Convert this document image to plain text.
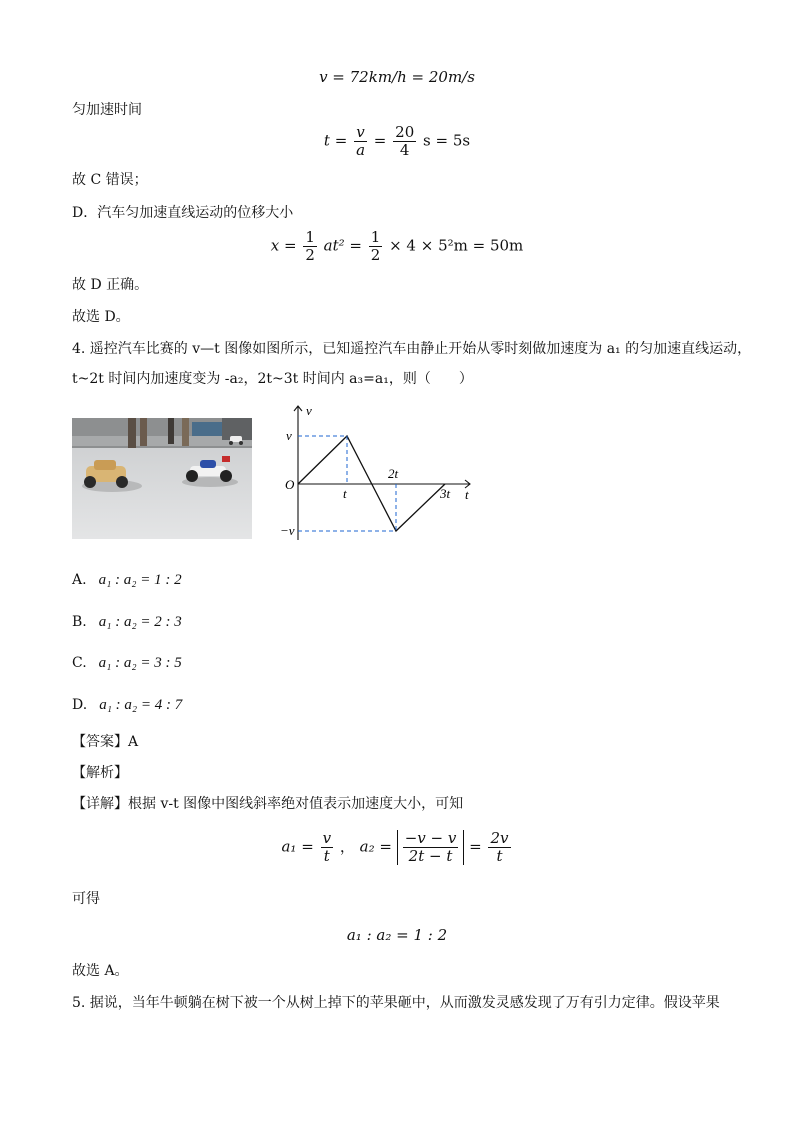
v = 72km/h = 20m/s
匀加速时间
$t = \frac{v}{a} = \frac{20}{4}$ s = 5s
故 C 错误；
D．汽车匀加速直线运动的位移大小
$x = \frac{1}{2} at^2 = \frac{1}{2} \times 4 \times 5^2m = 50m$
故 D 正确。
故选 D。
4. 遥控汽车比赛的 v—t 图像如图所示，已知遥控汽车由静止开始从零时刻做加速度为 a₁ 的匀加速直线运动，
t~2t 时间内加速度变为 -a₂，2t~3t 时间内 a₃=a₁，则（　　）
v
t
O
v
−v
t
2t
3t
A. a₁ : a₂ = 1 : 2
B. a₁ : a₂ = 2 : 3
C. a₁ : a₂ = 3 : 5
D. a₁ : a₂ = 4 : 7
【答案】A
【解析】
【详解】根据 v-t 图像中图线斜率绝对值表示加速度大小，可知
$a_1 = \frac{v}{t}$ ， $a_2 = \frac{-v - v}{2t - t} = \frac{2v}{t}$
可得
a₁ : a₂ = 1 : 2
故选 A。
5. 据说，当年牛顿躺在树下被一个从树上掉下的苹果砸中，从而激发灵感发现了万有引力定律。假设苹果
